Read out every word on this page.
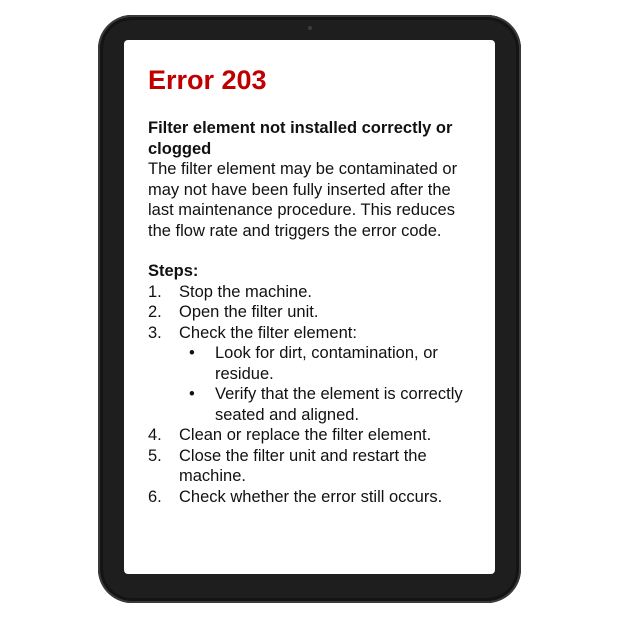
Error 203

Filter element not installed correctly or clogged

The filter element may be contaminated or may not have been fully inserted after the last maintenance procedure. This reduces the flow rate and triggers the error code.

Steps:

1.	Stop the machine.
2.	Open the filter unit.
3.	Check the filter element:
•	Look for dirt, contamination, or residue.
•	Verify that the element is correctly seated and aligned.
4.	Clean or replace the filter element.
5.	Close the filter unit and restart the machine.
6.	Check whether the error still occurs.
